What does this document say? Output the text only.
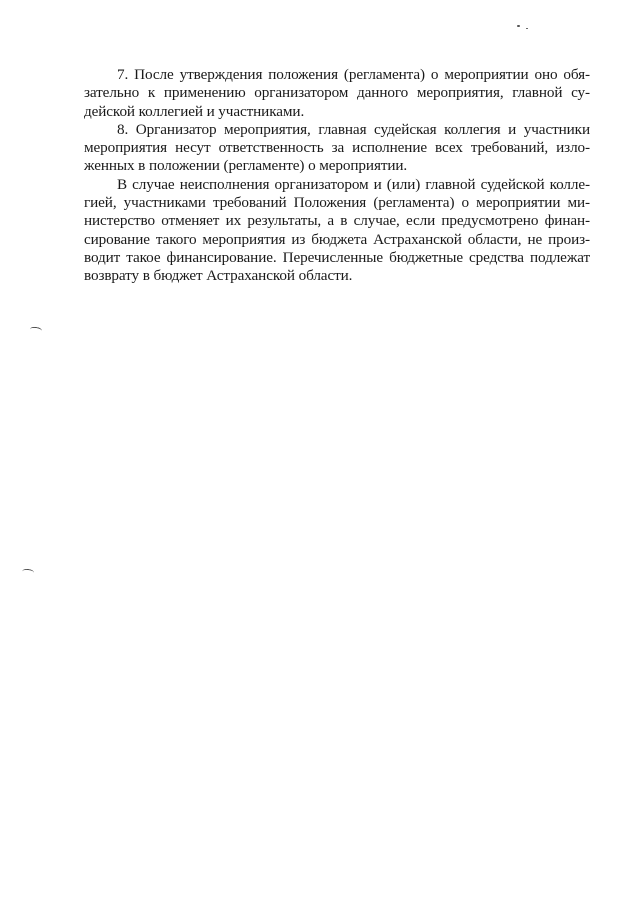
7. После утверждения положения (регламента) о мероприятии оно обя-
зательно к применению организатором данного мероприятия, главной су-
дейской коллегией и участниками.
8. Организатор мероприятия, главная судейская коллегия и участники
мероприятия несут ответственность за исполнение всех требований, изло-
женных в положении (регламенте) о мероприятии.
В случае неисполнения организатором и (или) главной судейской колле-
гией, участниками требований Положения (регламента) о мероприятии ми-
нистерство отменяет их результаты, а в случае, если предусмотрено финан-
сирование такого мероприятия из бюджета Астраханской области, не произ-
водит такое финансирование. Перечисленные бюджетные средства подлежат
возврату в бюджет Астраханской области.
